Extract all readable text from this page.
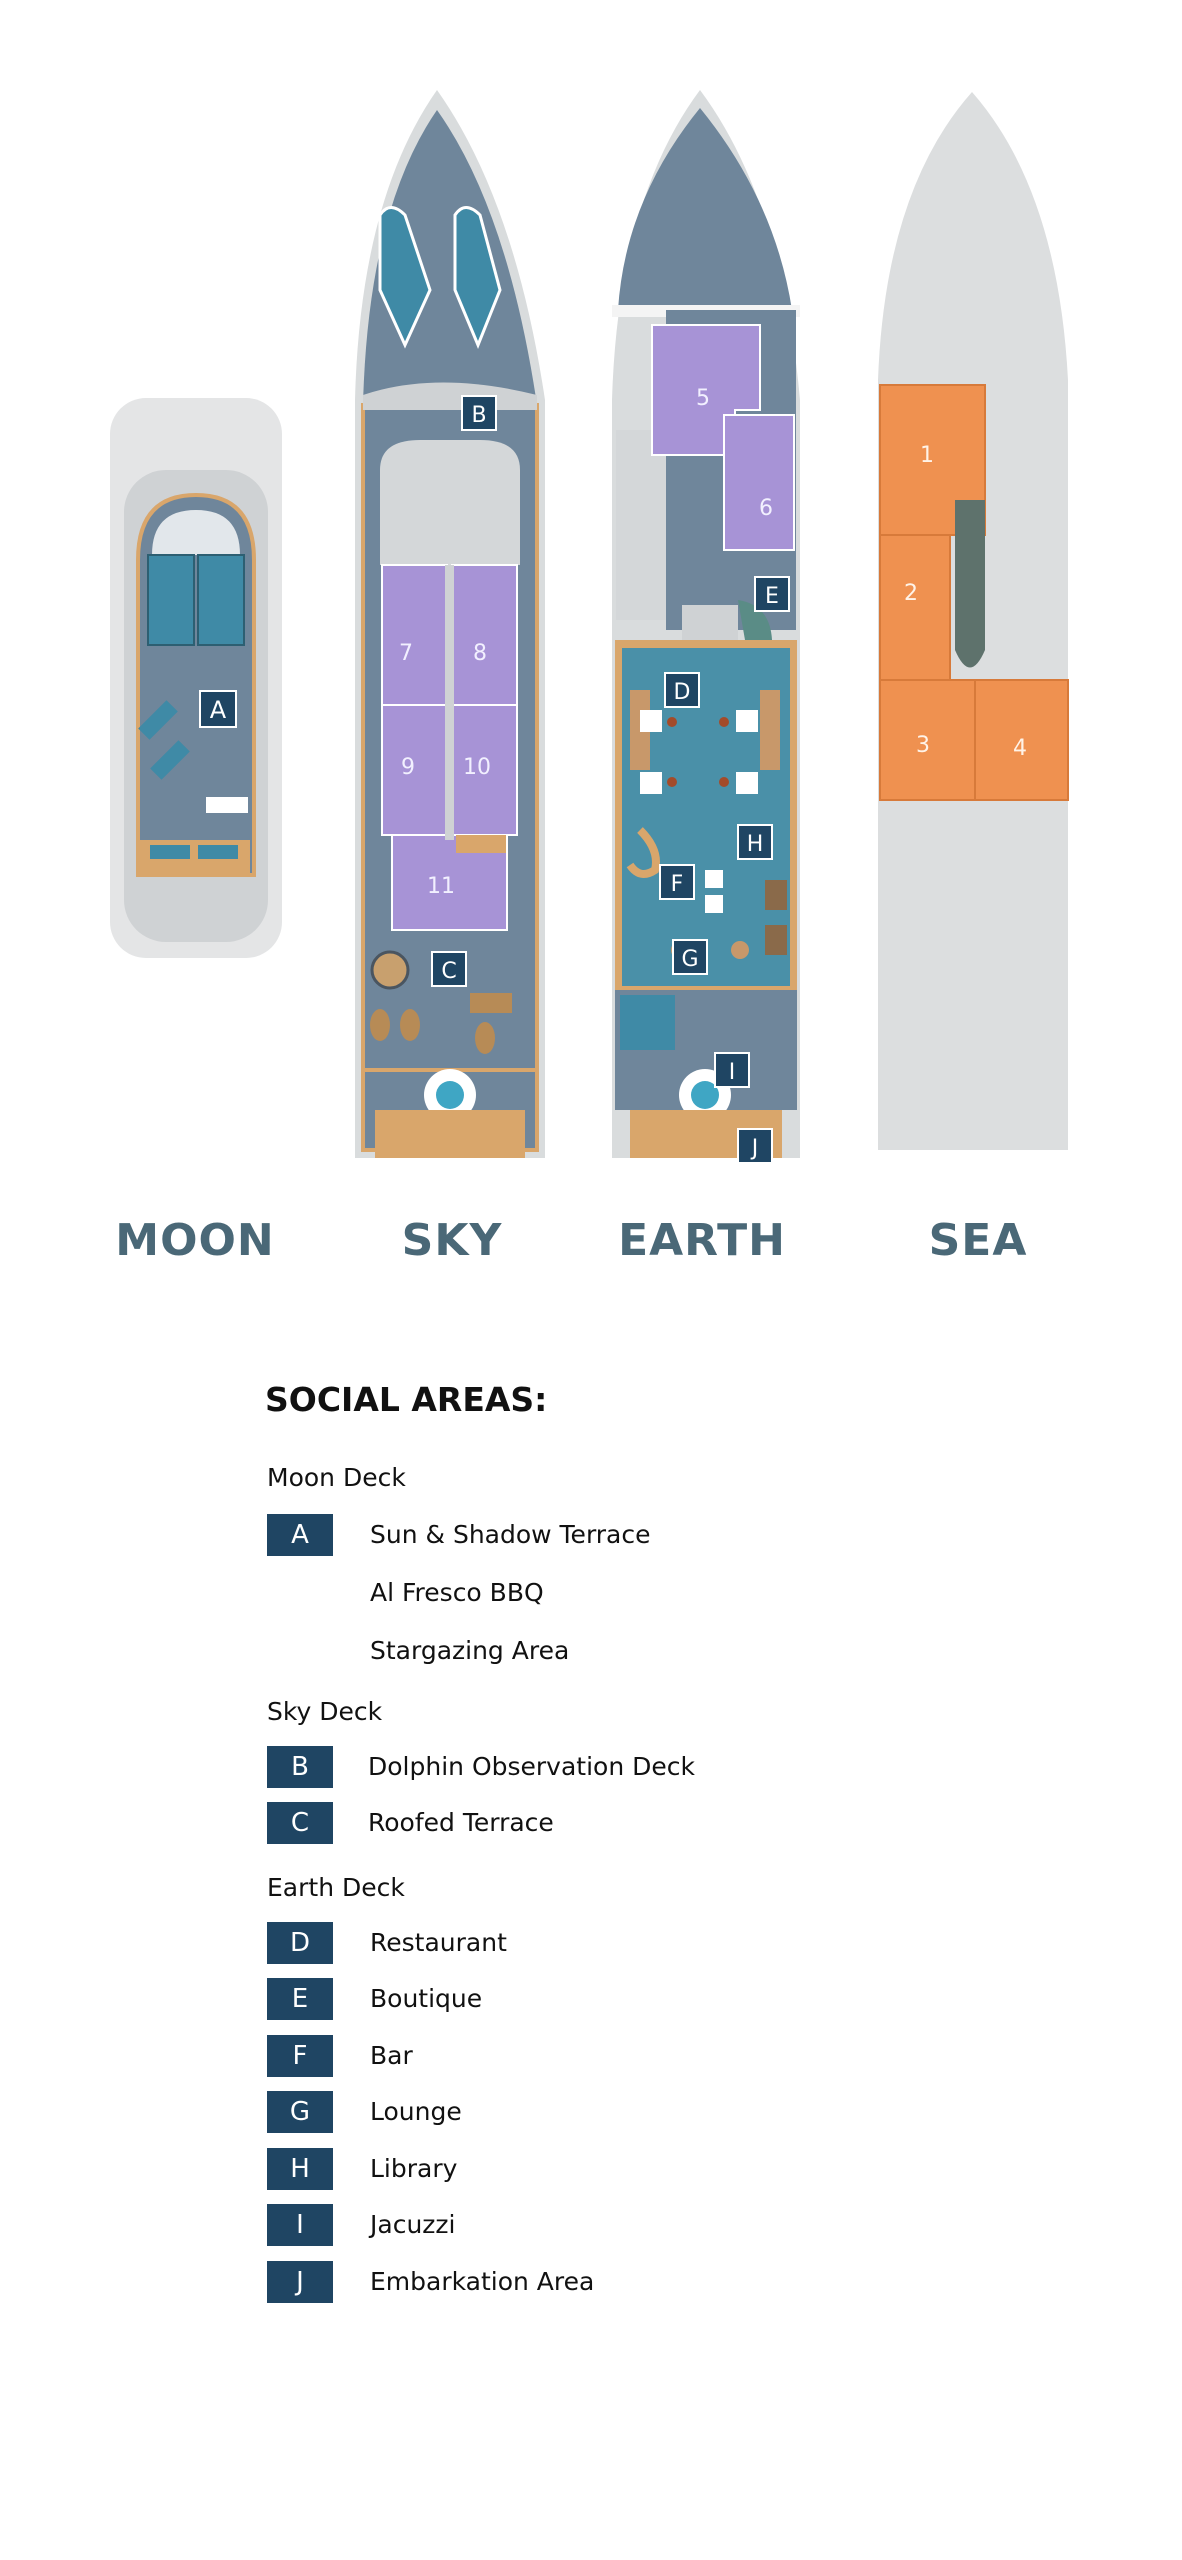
A
B
C
7	8
9 10
11
D
E
F
G
H
I
J
5
6
1
2
3	4
MOON	SKY	EARTH	SEA
SOCIAL AREAS:
Moon Deck
A	Sun & Shadow Terrace
Al Fresco BBQ
Stargazing Area
Sky Deck
B	Dolphin Observation Deck
C	Roofed Terrace
Earth Deck
D	Restaurant
E	Boutique
F	Bar
G	Lounge
H	Library
I	Jacuzzi
J	Embarkation Area
